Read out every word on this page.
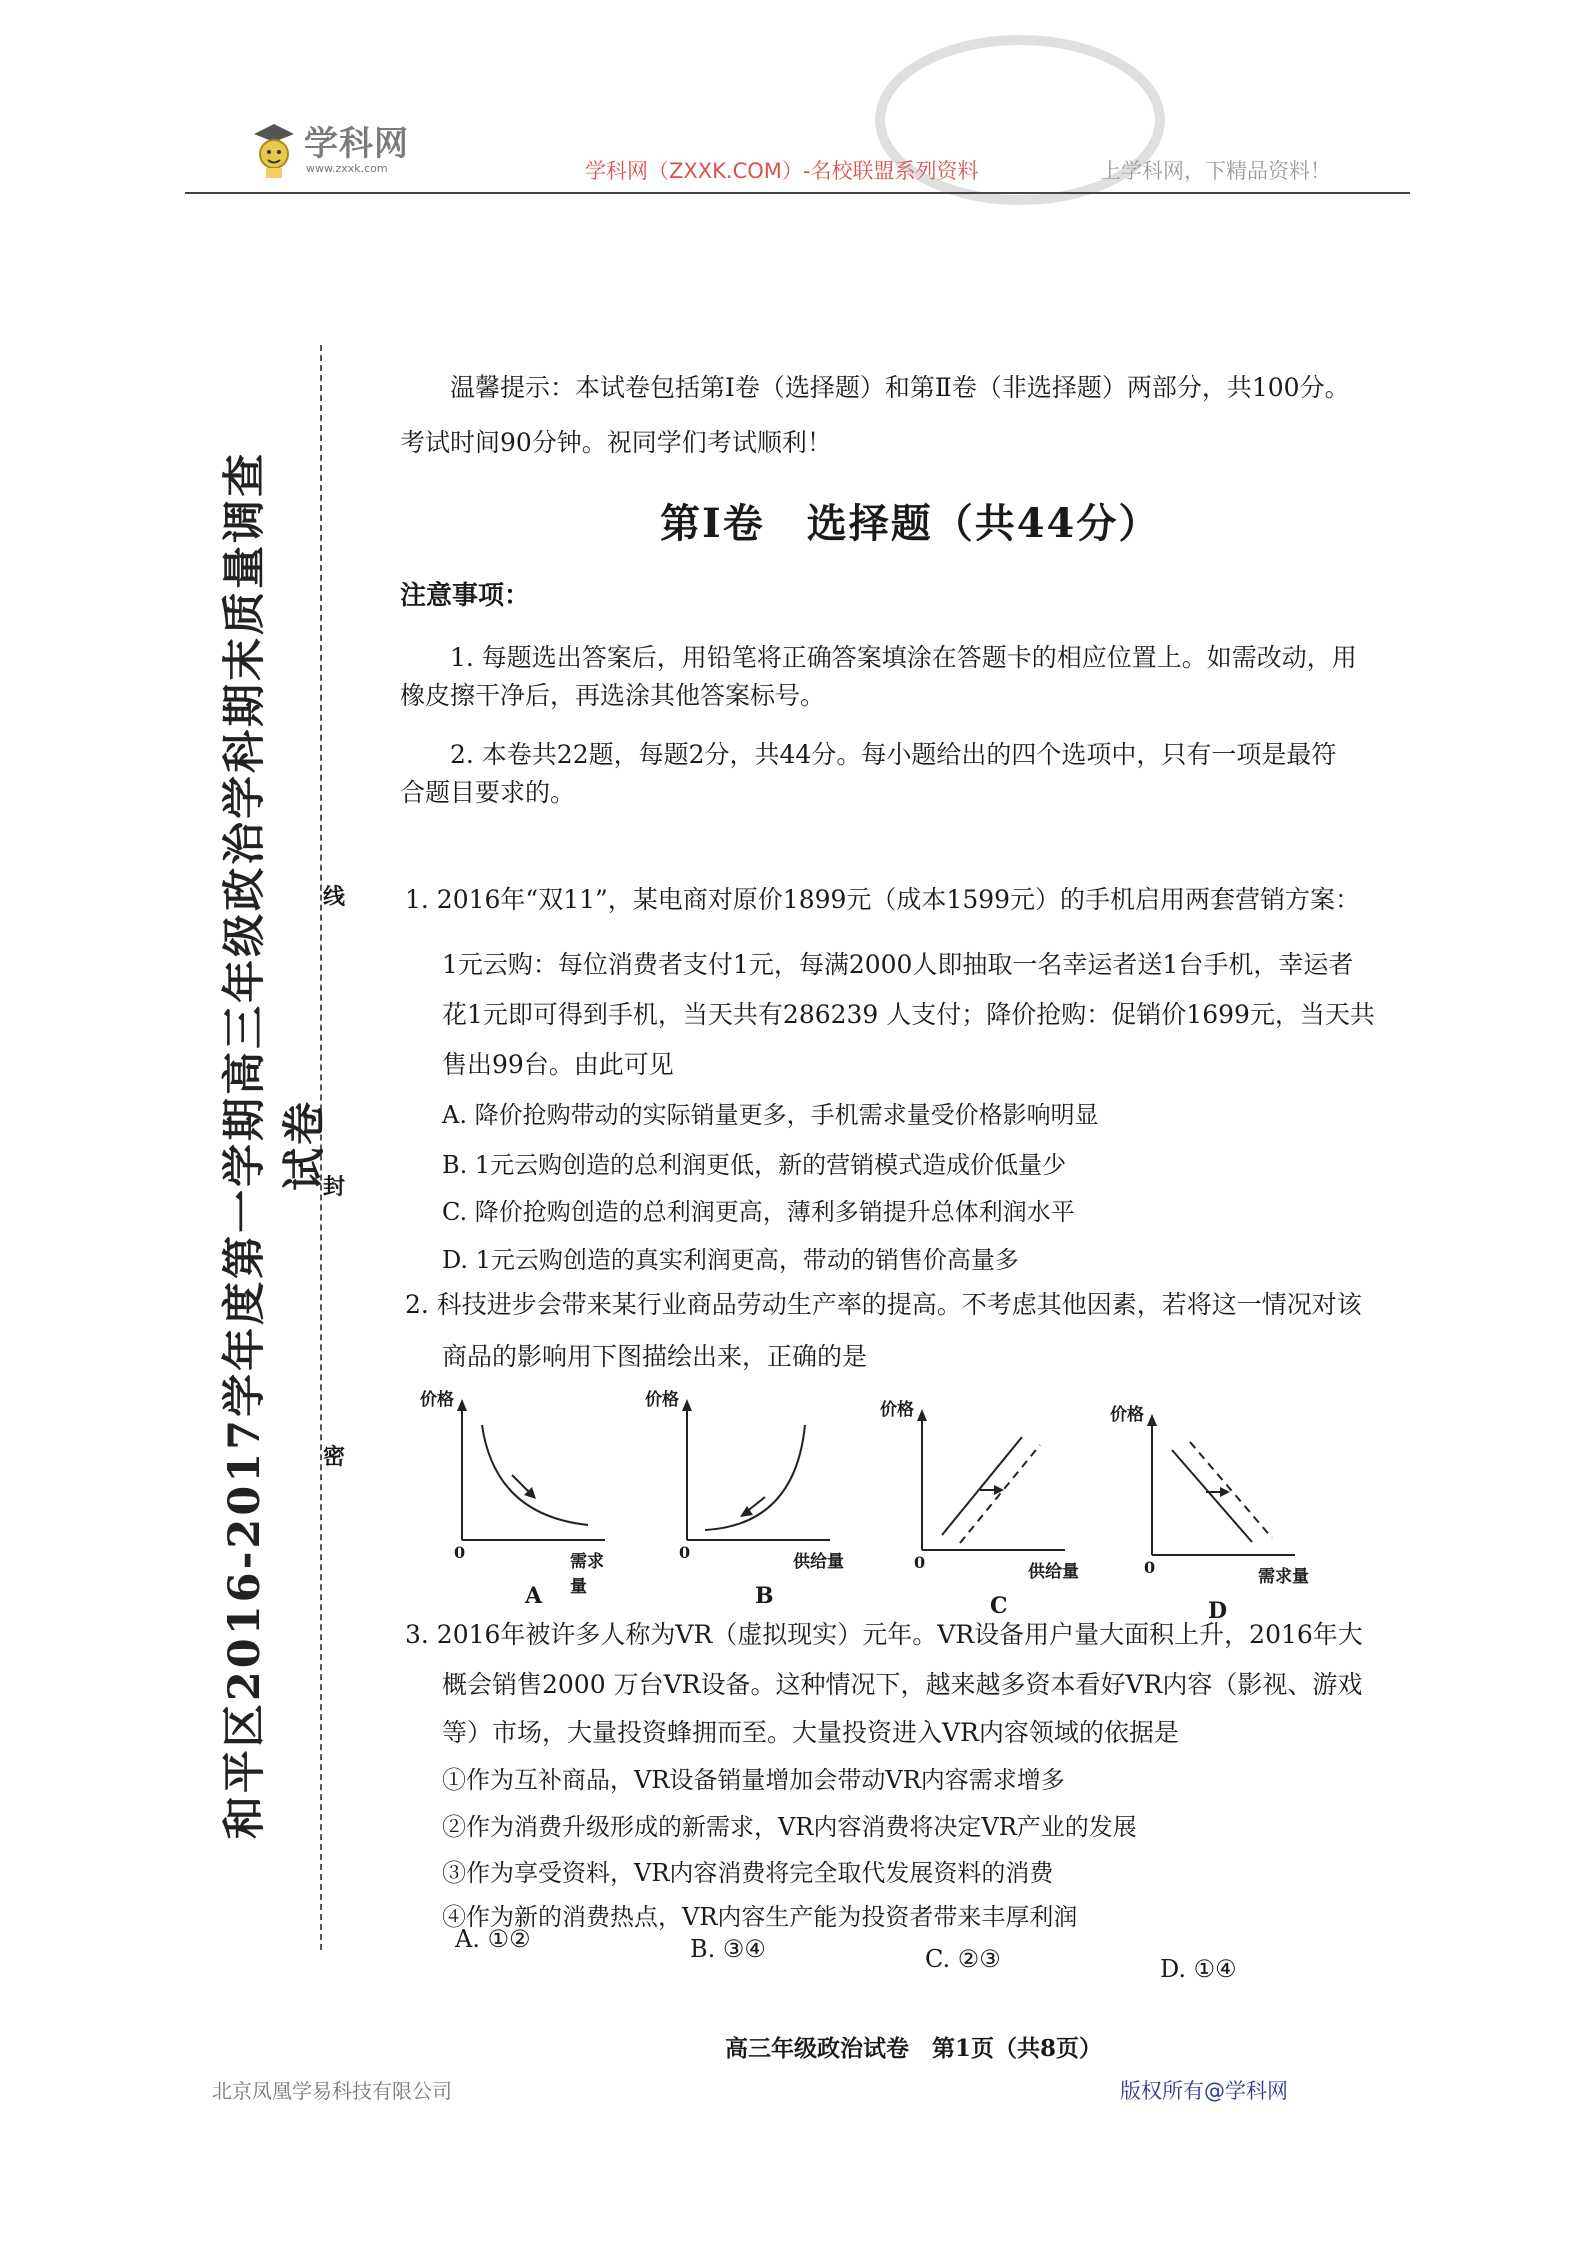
学科网
www.zxxk.com	学科网（ZXXK.COM）-名校联盟系列资料	上学科网，下精品资料！
线
封
密
和平区2016-2017学年度第一学期高三年级政治学科期末质量调查试卷
温馨提示：本试卷包括第Ⅰ卷（选择题）和第Ⅱ卷（非选择题）两部分，共100分。
考试时间90分钟。祝同学们考试顺利！
第Ⅰ卷　选择题（共44分）
注意事项：
1. 每题选出答案后，用铅笔将正确答案填涂在答题卡的相应位置上。如需改动，用
橡皮擦干净后，再选涂其他答案标号。
2. 本卷共22题，每题2分，共44分。每小题给出的四个选项中，只有一项是最符
合题目要求的。
1. 2016年“双11”，某电商对原价1899元（成本1599元）的手机启用两套营销方案：
1元云购：每位消费者支付1元，每满2000人即抽取一名幸运者送1台手机，幸运者
花1元即可得到手机，当天共有286239 人支付；降价抢购：促销价1699元，当天共
售出99台。由此可见
A. 降价抢购带动的实际销量更多，手机需求量受价格影响明显
B. 1元云购创造的总利润更低，新的营销模式造成价低量少
C. 降价抢购创造的总利润更高，薄利多销提升总体利润水平
D. 1元云购创造的真实利润更高，带动的销售价高量多
2. 科技进步会带来某行业商品劳动生产率的提高。不考虑其他因素，若将这一情况对该
商品的影响用下图描绘出来，正确的是
价格
0	需求量
A
价格
0	供给量
B
价格
0	供给量
C
价格
0	需求量
D
3. 2016年被许多人称为VR（虚拟现实）元年。VR设备用户量大面积上升，2016年大
概会销售2000 万台VR设备。这种情况下，越来越多资本看好VR内容（影视、游戏
等）市场，大量投资蜂拥而至。大量投资进入VR内容领域的依据是
①作为互补商品，VR设备销量增加会带动VR内容需求增多
②作为消费升级形成的新需求，VR内容消费将决定VR产业的发展
③作为享受资料，VR内容消费将完全取代发展资料的消费
④作为新的消费热点，VR内容生产能为投资者带来丰厚利润
A. ①②	B. ③④	C. ②③	D. ①④
高三年级政治试卷　第1页（共8页）
北京凤凰学易科技有限公司	版权所有@学科网
